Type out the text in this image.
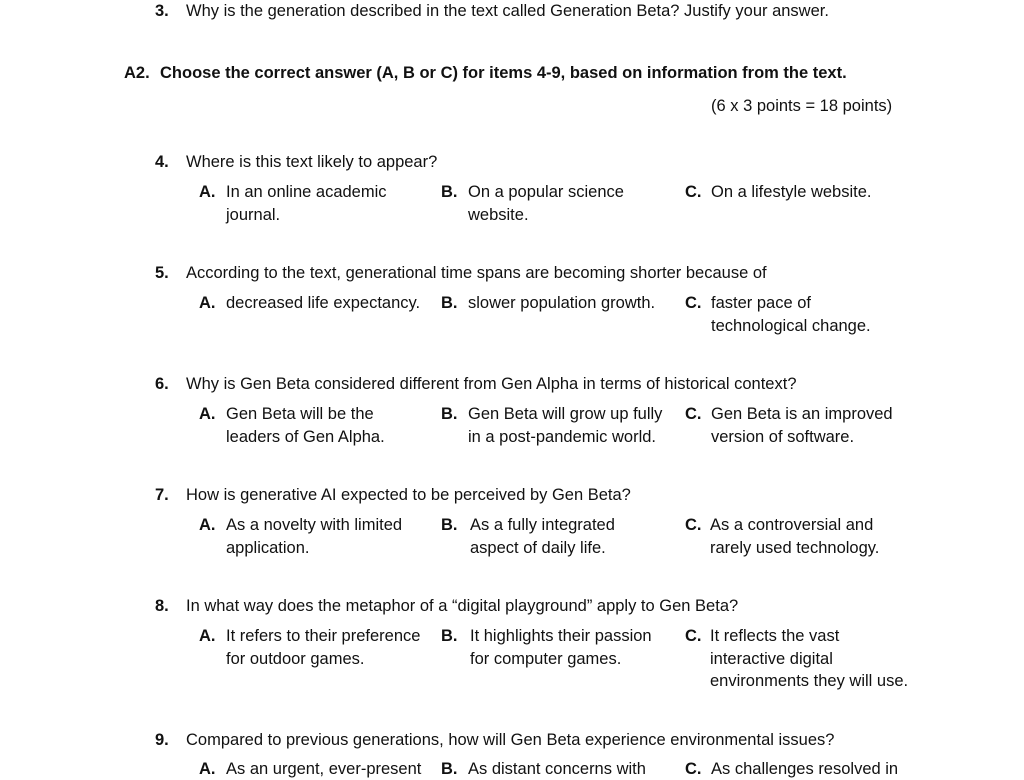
3. Why is the generation described in the text called Generation Beta? Justify your answer.
A2. Choose the correct answer (A, B or C) for items 4-9, based on information from the text.
(6 x 3 points = 18 points)
4. Where is this text likely to appear?
A. In an online academic
journal.
B. On a popular science
website.
C. On a lifestyle website.
5. According to the text, generational time spans are becoming shorter because of
A. decreased life expectancy. B. slower population growth. C. faster pace of
technological change.
6. Why is Gen Beta considered different from Gen Alpha in terms of historical context?
A. Gen Beta will be the
leaders of Gen Alpha.
B. Gen Beta will grow up fully
in a post-pandemic world.
C. Gen Beta is an improved
version of software.
7. How is generative AI expected to be perceived by Gen Beta?
A. As a novelty with limited
application.
B. As a fully integrated
aspect of daily life.
C. As a controversial and
rarely used technology.
8. In what way does the metaphor of a “digital playground” apply to Gen Beta?
A. It refers to their preference
for outdoor games.
B. It highlights their passion
for computer games.
C. It reflects the vast
interactive digital
environments they will use.
9. Compared to previous generations, how will Gen Beta experience environmental issues?
A. As an urgent, ever-present B. As distant concerns with C. As challenges resolved in
